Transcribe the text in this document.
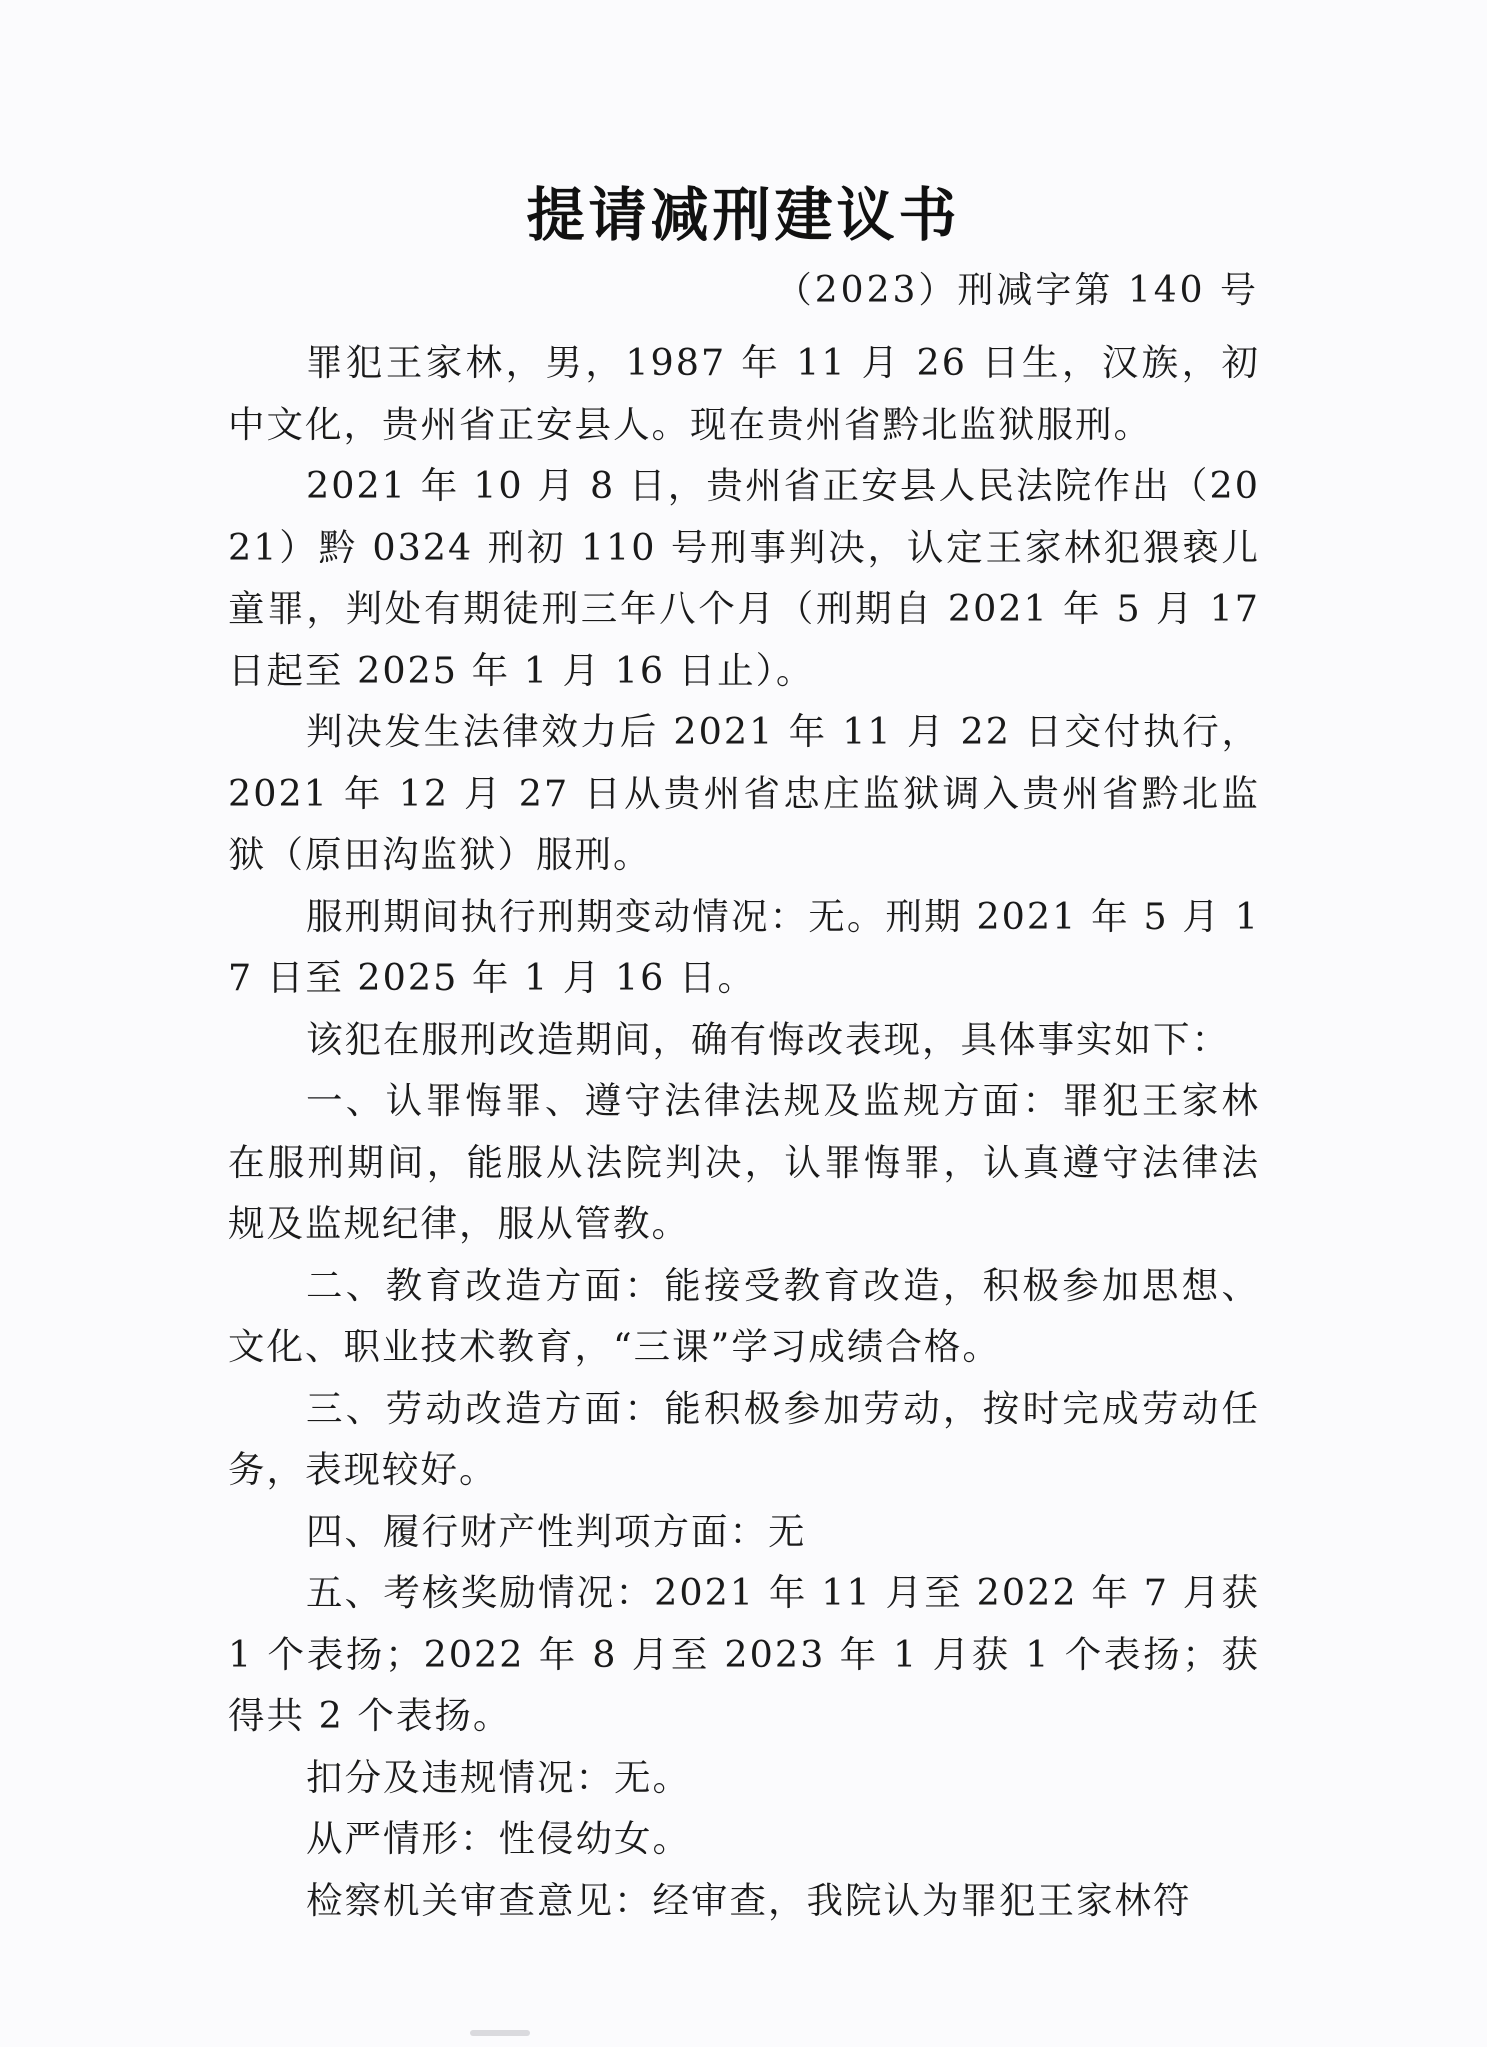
提请减刑建议书
（2023）刑减字第 140 号

罪犯王家林，男，1987 年 11 月 26 日生，汉族，初中文化，贵州省正安县人。现在贵州省黔北监狱服刑。

2021 年 10 月 8 日，贵州省正安县人民法院作出（2021）黔 0324 刑初 110 号刑事判决，认定王家林犯猥亵儿童罪，判处有期徒刑三年八个月（刑期自 2021 年 5 月 17 日起至 2025 年 1 月 16 日止）。

判决发生法律效力后 2021 年 11 月 22 日交付执行，2021 年 12 月 27 日从贵州省忠庄监狱调入贵州省黔北监狱（原田沟监狱）服刑。

服刑期间执行刑期变动情况：无。刑期 2021 年 5 月 17 日至 2025 年 1 月 16 日。

该犯在服刑改造期间，确有悔改表现，具体事实如下：

一、认罪悔罪、遵守法律法规及监规方面：罪犯王家林在服刑期间，能服从法院判决，认罪悔罪，认真遵守法律法规及监规纪律，服从管教。

二、教育改造方面：能接受教育改造，积极参加思想、文化、职业技术教育，“三课”学习成绩合格。

三、劳动改造方面：能积极参加劳动，按时完成劳动任务，表现较好。

四、履行财产性判项方面：无

五、考核奖励情况：2021 年 11 月至 2022 年 7 月获 1 个表扬；2022 年 8 月至 2023 年 1 月获 1 个表扬；获得共 2 个表扬。

扣分及违规情况：无。

从严情形：性侵幼女。

检察机关审查意见：经审查，我院认为罪犯王家林符
